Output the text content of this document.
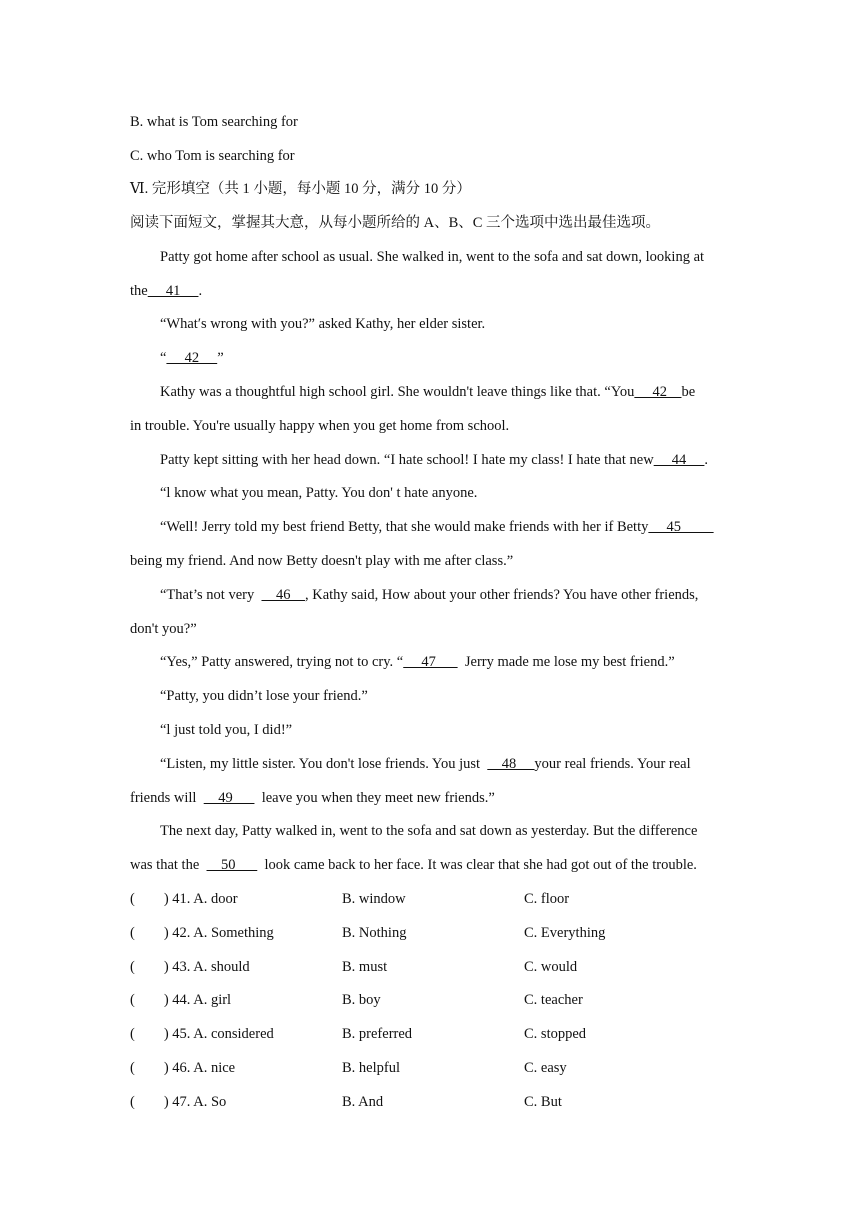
B. what is Tom searching for
C. who Tom is searching for
Ⅵ. 完形填空（共 1 小题，每小题 10 分，满分 10 分）
阅读下面短文，掌握其大意，从每小题所给的 A、B、C 三个选项中选出最佳选项。
Patty got home after school as usual. She walked in, went to the sofa and sat down, looking at
the     41     .
“What′s wrong with you?” asked Kathy, her elder sister.
“     42     ”
Kathy was a thoughtful high school girl. She wouldn't leave things like that. “You     42    be
in trouble. You're usually happy when you get home from school.
Patty kept sitting with her head down. “I hate school! I hate my class! I hate that new     44     .
“l know what you mean, Patty. You don' t hate anyone.
“Well! Jerry told my best friend Betty, that she would make friends with her if Betty     45
being my friend. And now Betty doesn't play with me after class.”
“That’s not very      46    , Kathy said, How about your other friends? You have other friends,
don't you?”
“Yes,” Patty answered, trying not to cry. “     47        Jerry made me lose my best friend.”
“Patty, you didn’t lose your friend.”
“l just told you, I did!”
“Listen, my little sister. You don't lose friends. You just      48     your real friends. Your real
friends will      49        leave you when they meet new friends.”
The next day, Patty walked in, went to the sofa and sat down as yesterday. But the difference
was that the      50        look came back to her face. It was clear that she had got out of the trouble.
(        ) 41. A. door	B. window	C. floor
(        ) 42. A. Something	B. Nothing	C. Everything
(        ) 43. A. should	B. must	C. would
(        ) 44. A. girl	B. boy	C. teacher
(        ) 45. A. considered	B. preferred	C. stopped
(        ) 46. A. nice	B. helpful	C. easy
(        ) 47. A. So	B. And	C. But
